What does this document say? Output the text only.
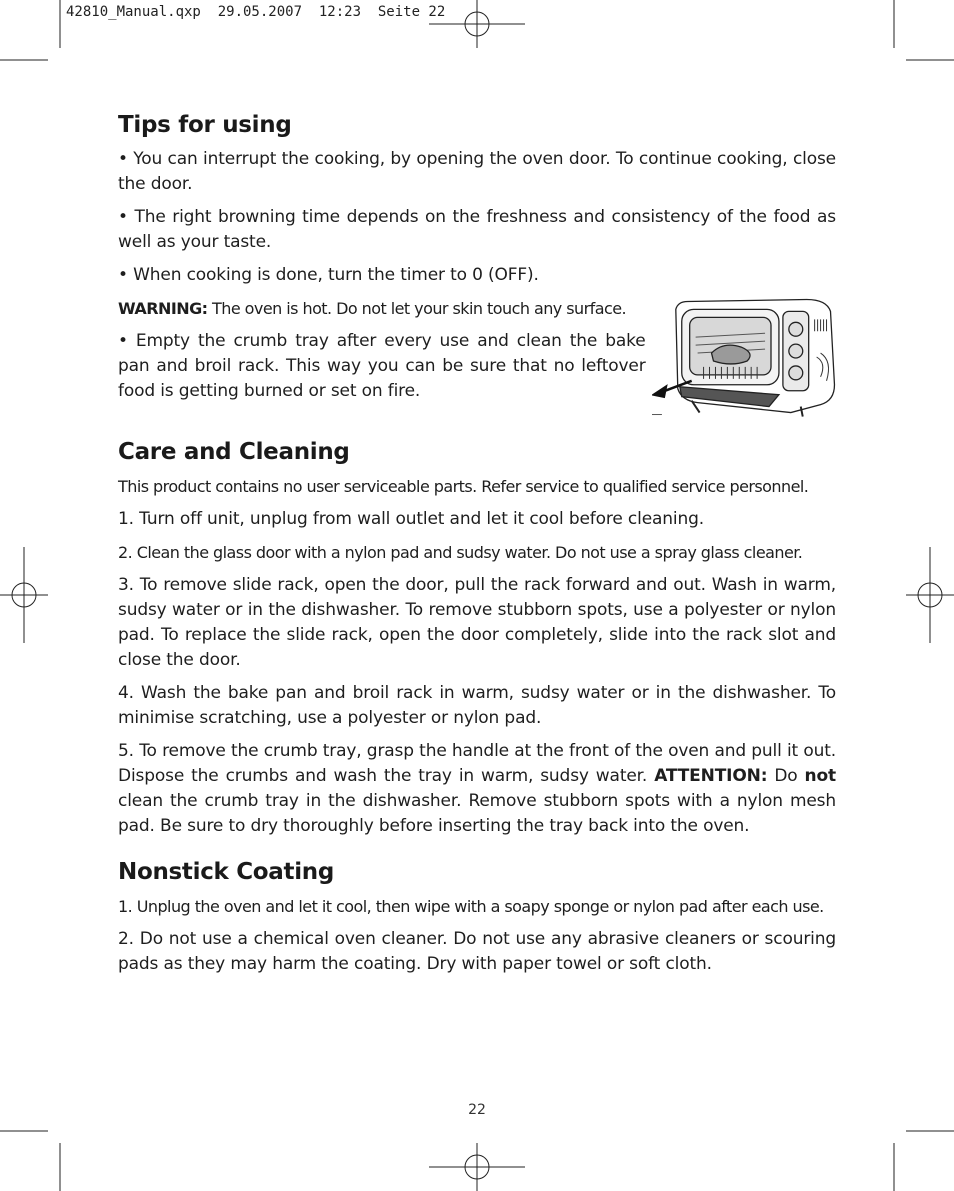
42810_Manual.qxp  29.05.2007  12:23  Seite 22
Tips for using

• You can interrupt the cooking, by opening the oven door. To continue cooking, close the door.

• The right browning time depends on the freshness and consistency of the food as well as your taste.

• When cooking is done, turn the timer to 0 (OFF).

WARNING: The oven is hot. Do not let your skin touch any surface.

• Empty the crumb tray after every use and clean the bake pan and broil rack. This way you can be sure that no leftover food is getting burned or set on fire.

Care and Cleaning

This product contains no user serviceable parts. Refer service to qualified service personnel.

1. Turn off unit, unplug from wall outlet and let it cool before cleaning.

2. Clean the glass door with a nylon pad and sudsy water. Do not use a spray glass cleaner.

3. To remove slide rack, open the door, pull the rack forward and out. Wash in warm, sudsy water or in the dishwasher. To remove stubborn spots, use a polyester or nylon pad. To replace the slide rack, open the door completely, slide into the rack slot and close the door.

4. Wash the bake pan and broil rack in warm, sudsy water or in the dishwasher. To minimise scratching, use a polyester or nylon pad.

5. To remove the crumb tray, grasp the handle at the front of the oven and pull it out. Dispose the crumbs and wash the tray in warm, sudsy water. ATTENTION: Do not clean the crumb tray in the dishwasher. Remove stubborn spots with a nylon mesh pad. Be sure to dry thoroughly before inserting the tray back into the oven.

Nonstick Coating

1. Unplug the oven and let it cool, then wipe with a soapy sponge or nylon pad after each use.

2. Do not use a chemical oven cleaner. Do not use any abrasive cleaners or scouring pads as they may harm the coating. Dry with paper towel or soft cloth.

22
